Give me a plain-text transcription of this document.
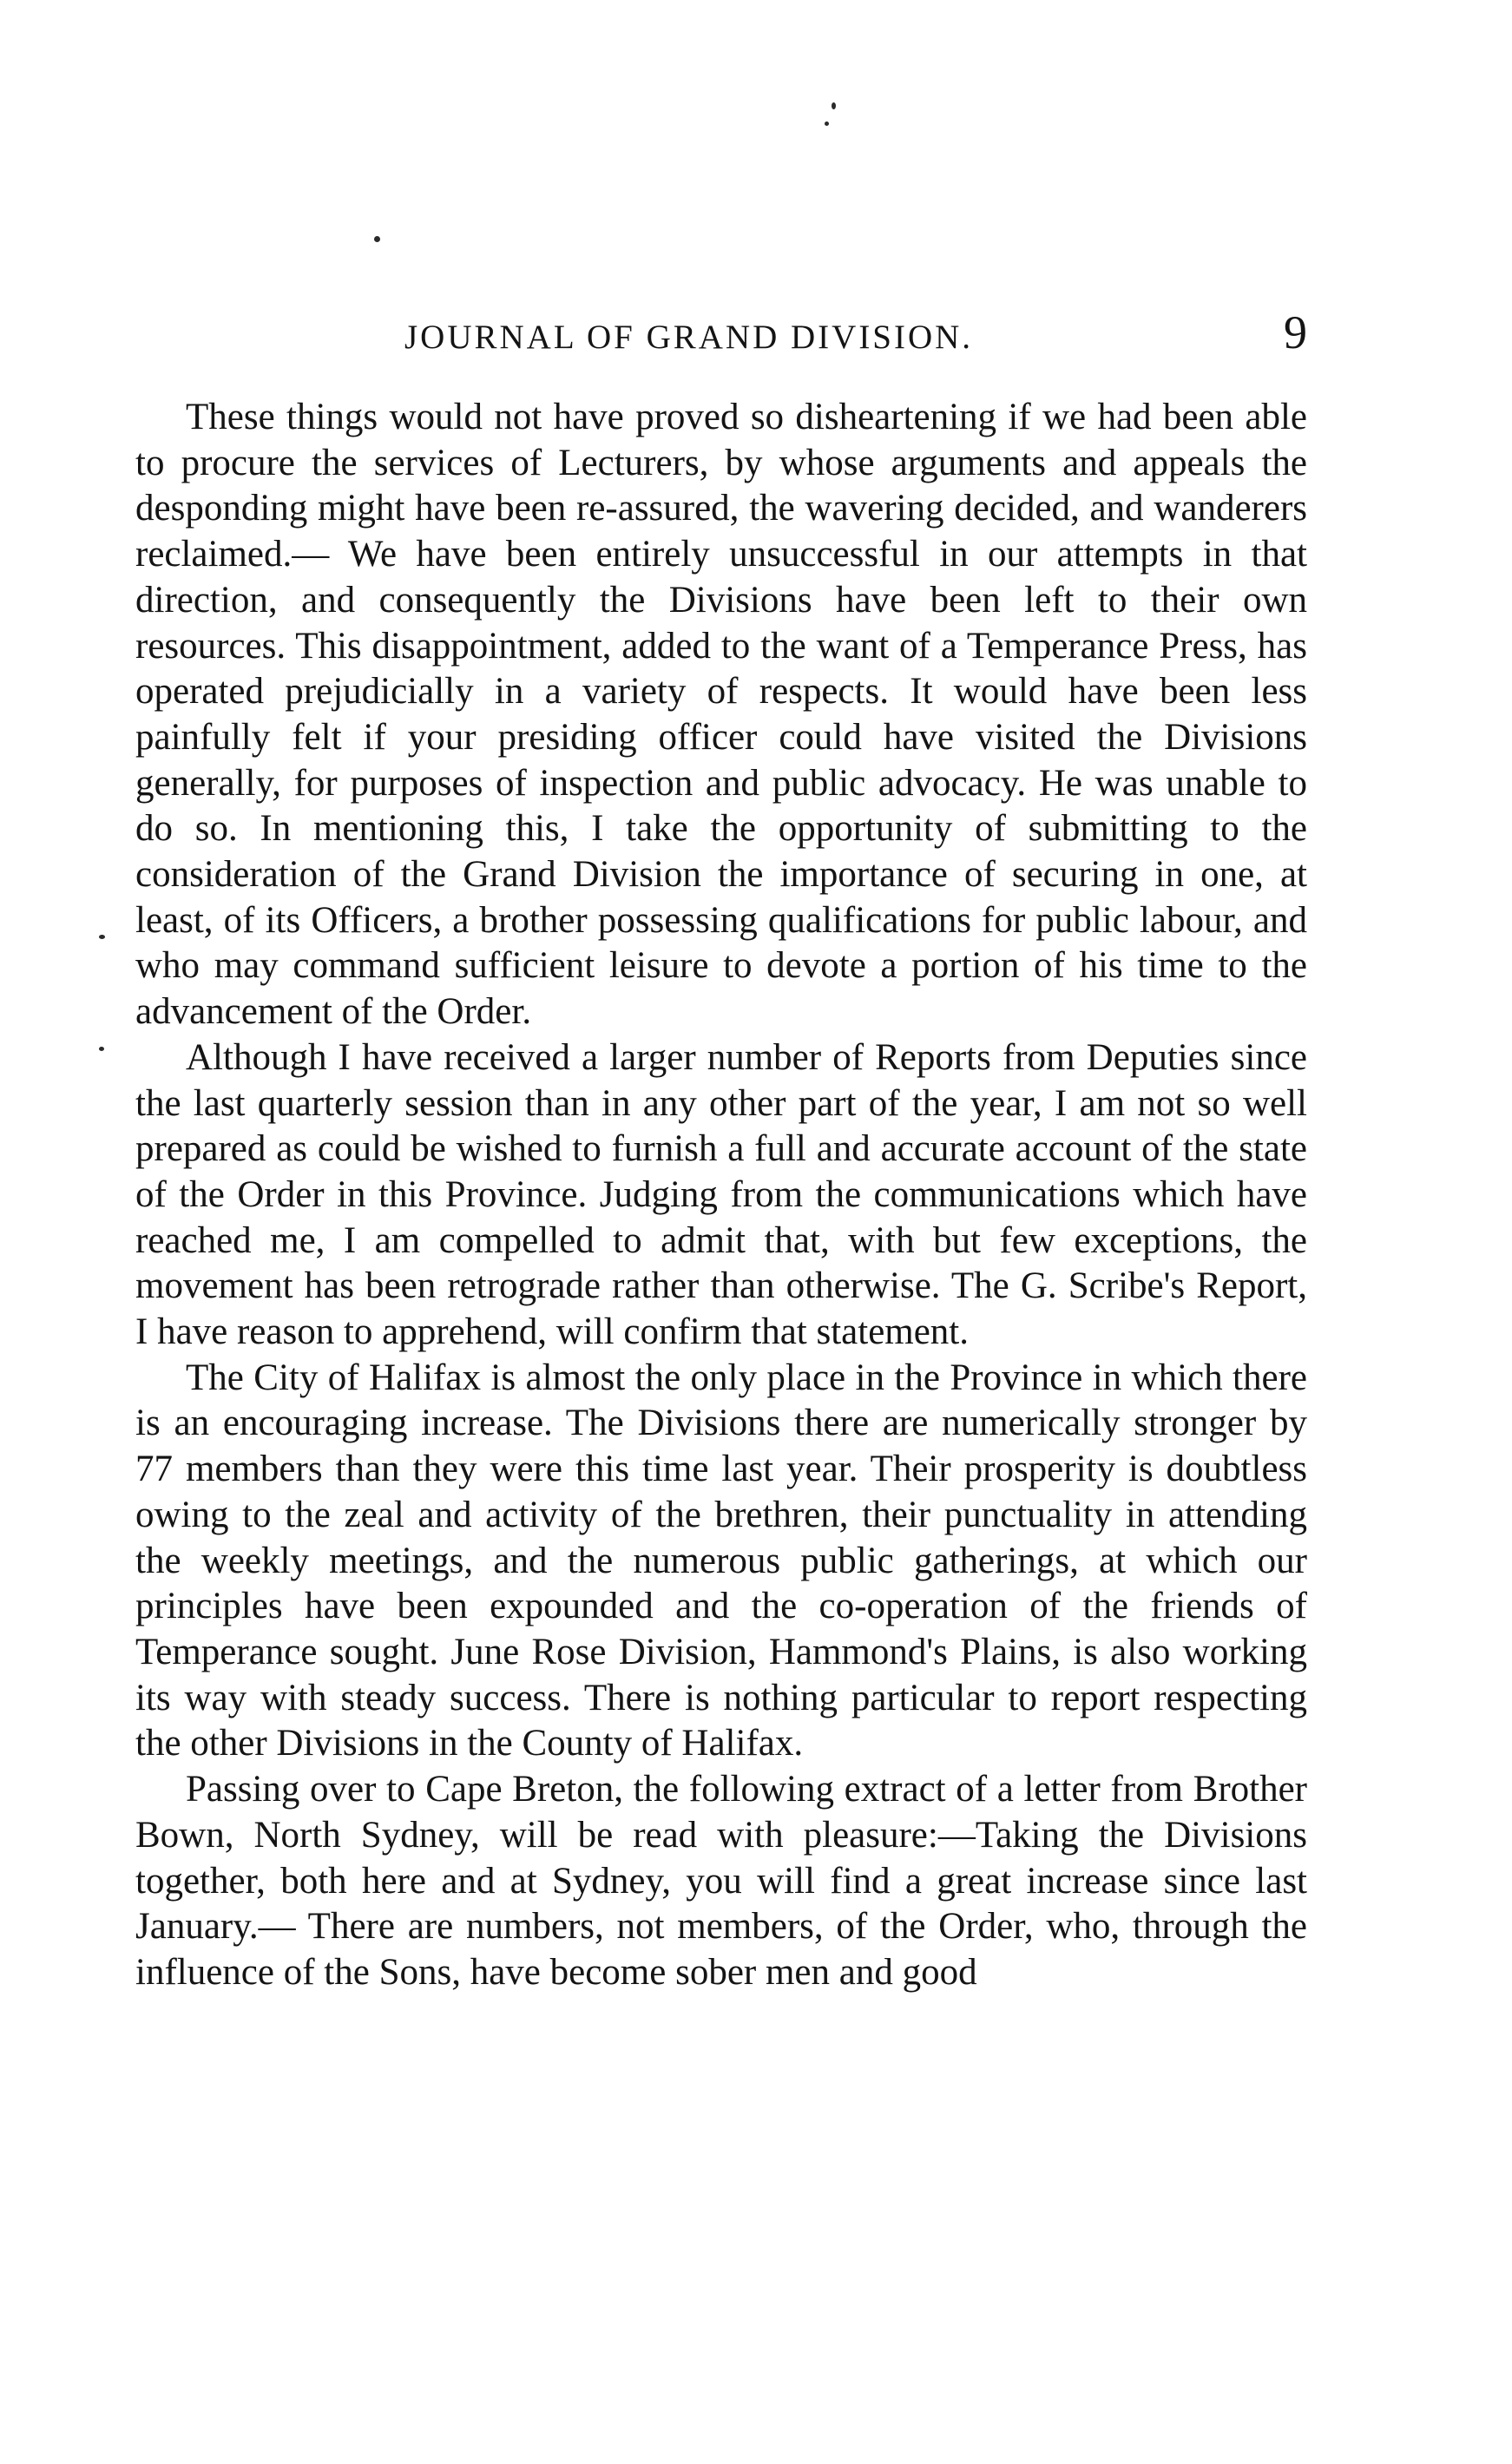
JOURNAL OF GRAND DIVISION.	9

These things would not have proved so disheartening if we had been able to procure the services of Lecturers, by whose arguments and appeals the desponding might have been re-assured, the wavering decided, and wanderers reclaimed.— We have been entirely unsuccessful in our attempts in that direction, and consequently the Divisions have been left to their own resources. This disappointment, added to the want of a Temperance Press, has operated prejudicially in a variety of respects. It would have been less painfully felt if your presiding officer could have visited the Divisions generally, for purposes of inspection and public advocacy. He was unable to do so. In mentioning this, I take the opportunity of submitting to the consideration of the Grand Division the importance of securing in one, at least, of its Officers, a brother possessing qualifications for public labour, and who may command sufficient leisure to devote a portion of his time to the advancement of the Order.

Although I have received a larger number of Reports from Deputies since the last quarterly session than in any other part of the year, I am not so well prepared as could be wished to furnish a full and accurate account of the state of the Order in this Province. Judging from the communications which have reached me, I am compelled to admit that, with but few exceptions, the movement has been retrograde rather than otherwise. The G. Scribe's Report, I have reason to apprehend, will confirm that statement.

The City of Halifax is almost the only place in the Province in which there is an encouraging increase. The Divisions there are numerically stronger by 77 members than they were this time last year. Their prosperity is doubtless owing to the zeal and activity of the brethren, their punctuality in attending the weekly meetings, and the numerous public gatherings, at which our principles have been expounded and the co-operation of the friends of Temperance sought. June Rose Division, Hammond's Plains, is also working its way with steady success. There is nothing particular to report respecting the other Divisions in the County of Halifax.

Passing over to Cape Breton, the following extract of a letter from Brother Bown, North Sydney, will be read with pleasure:—Taking the Divisions together, both here and at Sydney, you will find a great increase since last January.— There are numbers, not members, of the Order, who, through the influence of the Sons, have become sober men and good
